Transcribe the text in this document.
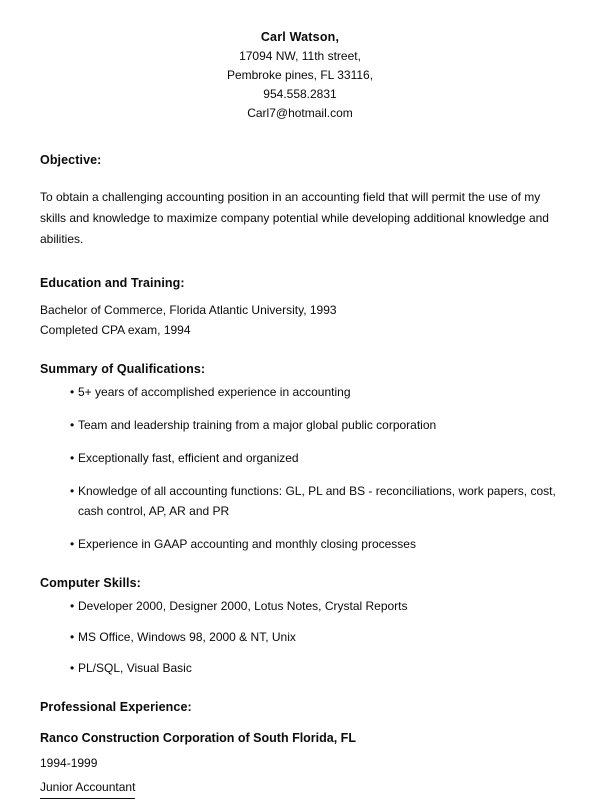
Carl Watson,
17094 NW, 11th street,
Pembroke pines, FL 33116,
954.558.2831
Carl7@hotmail.com
Objective:

To obtain a challenging accounting position in an accounting field that will permit the use of my skills and knowledge to maximize company potential while developing additional knowledge and abilities.

Education and Training:
Bachelor of Commerce, Florida Atlantic University, 1993
Completed CPA exam, 1994
Summary of Qualifications:
• 5+ years of accomplished experience in accounting
• Team and leadership training from a major global public corporation
• Exceptionally fast, efficient and organized
• Knowledge of all accounting functions: GL, PL and BS - reconciliations, work papers, cost, cash control, AP, AR and PR
• Experience in GAAP accounting and monthly closing processes
Computer Skills:
• Developer 2000, Designer 2000, Lotus Notes, Crystal Reports
• MS Office, Windows 98, 2000 & NT, Unix
• PL/SQL, Visual Basic
Professional Experience:
Ranco Construction Corporation of South Florida, FL
1994-1999
Junior Accountant
